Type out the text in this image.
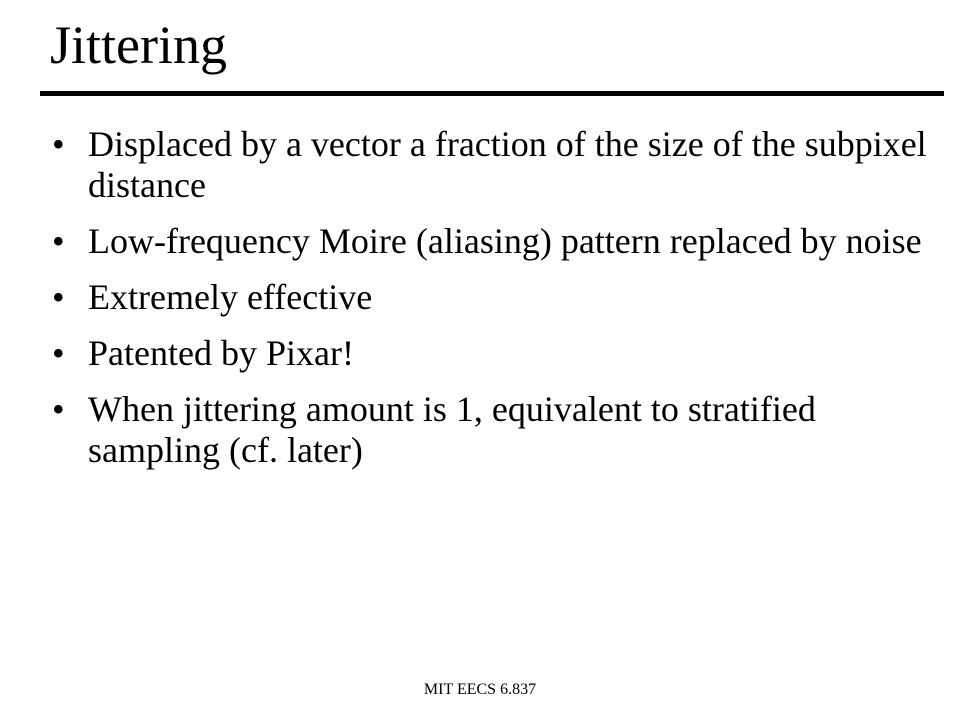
Jittering
• Displaced by a vector a fraction of the size of the subpixel distance
• Low-frequency Moire (aliasing) pattern replaced by noise
• Extremely effective
• Patented by Pixar!
• When jittering amount is 1, equivalent to stratified sampling (cf. later)
MIT EECS 6.837
